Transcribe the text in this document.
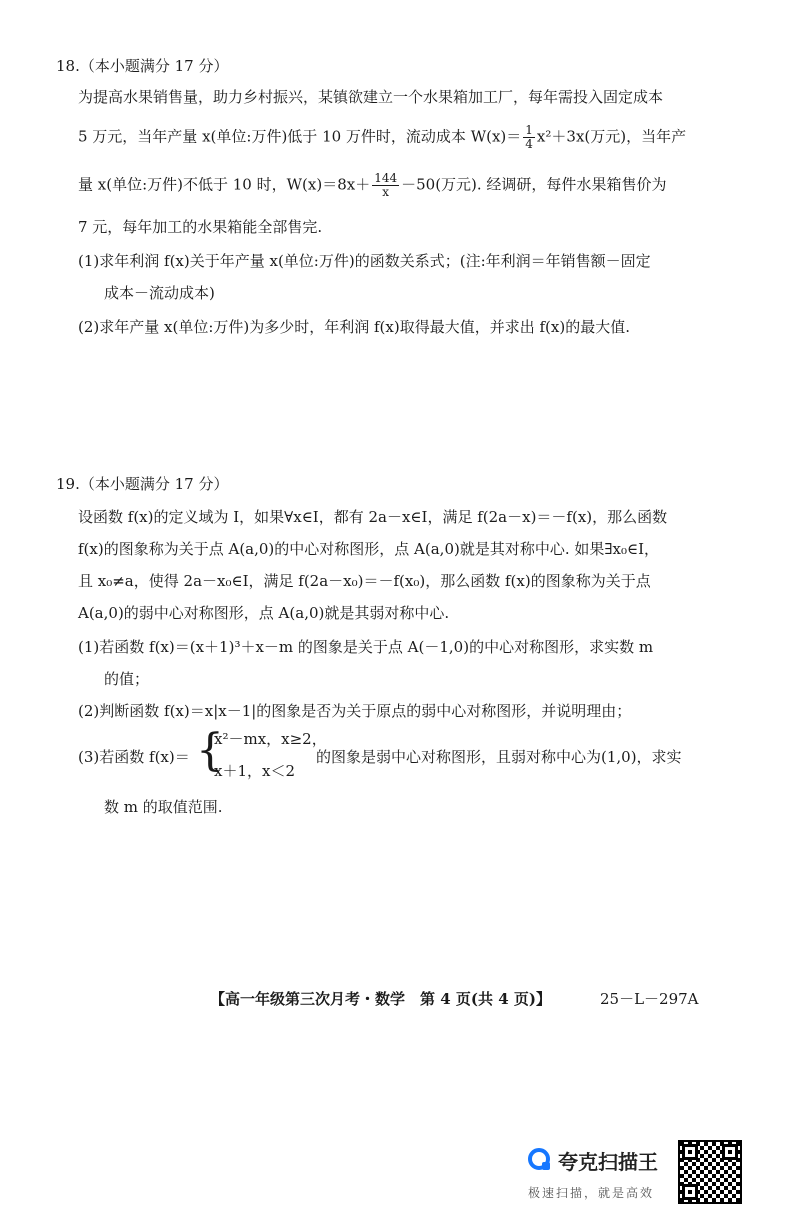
18.（本小题满分 17 分）
为提高水果销售量，助力乡村振兴，某镇欲建立一个水果箱加工厂，每年需投入固定成本
5 万元，当年产量 x(单位:万件)低于 10 万件时，流动成本 $W(x)= \frac{1}{4} x^2+3x$(万元)，当年产
量 x(单位:万件)不低于 10 时，$W(x)=8x+ \frac{144}{x} -50$(万元). 经调研，每件水果箱售价为
7 元，每年加工的水果箱能全部售完.
(1)求年利润 f(x)关于年产量 x(单位:万件)的函数关系式；(注:年利润＝年销售额－固定
成本－流动成本)
(2)求年产量 x(单位:万件)为多少时，年利润 f(x)取得最大值，并求出 f(x)的最大值.
19.（本小题满分 17 分）
设函数 f(x)的定义域为 I，如果∀x∈I，都有 2a－x∈I，满足 f(2a－x)＝－f(x)，那么函数
f(x)的图象称为关于点 A(a,0)的中心对称图形，点 A(a,0)就是其对称中心. 如果∃x₀∈I，
且 x₀≠a，使得 2a－x₀∈I，满足 f(2a－x₀)＝－f(x₀)，那么函数 f(x)的图象称为关于点
A(a,0)的弱中心对称图形，点 A(a,0)就是其弱对称中心.
(1)若函数 f(x)＝(x＋1)³＋x－m 的图象是关于点 A(－1,0)的中心对称图形，求实数 m
的值；
(2)判断函数 f(x)＝x|x－1|的图象是否为关于原点的弱中心对称图形，并说明理由；
(3)若函数 f(x)＝ {
x²－mx，x≥2，
x＋1，x＜2
的图象是弱中心对称图形，且弱对称中心为(1,0)，求实
数 m 的取值范围.
【高一年级第三次月考・数学　第 4 页(共 4 页)】	25－L－297A
夸克扫描王
极速扫描，就是高效
